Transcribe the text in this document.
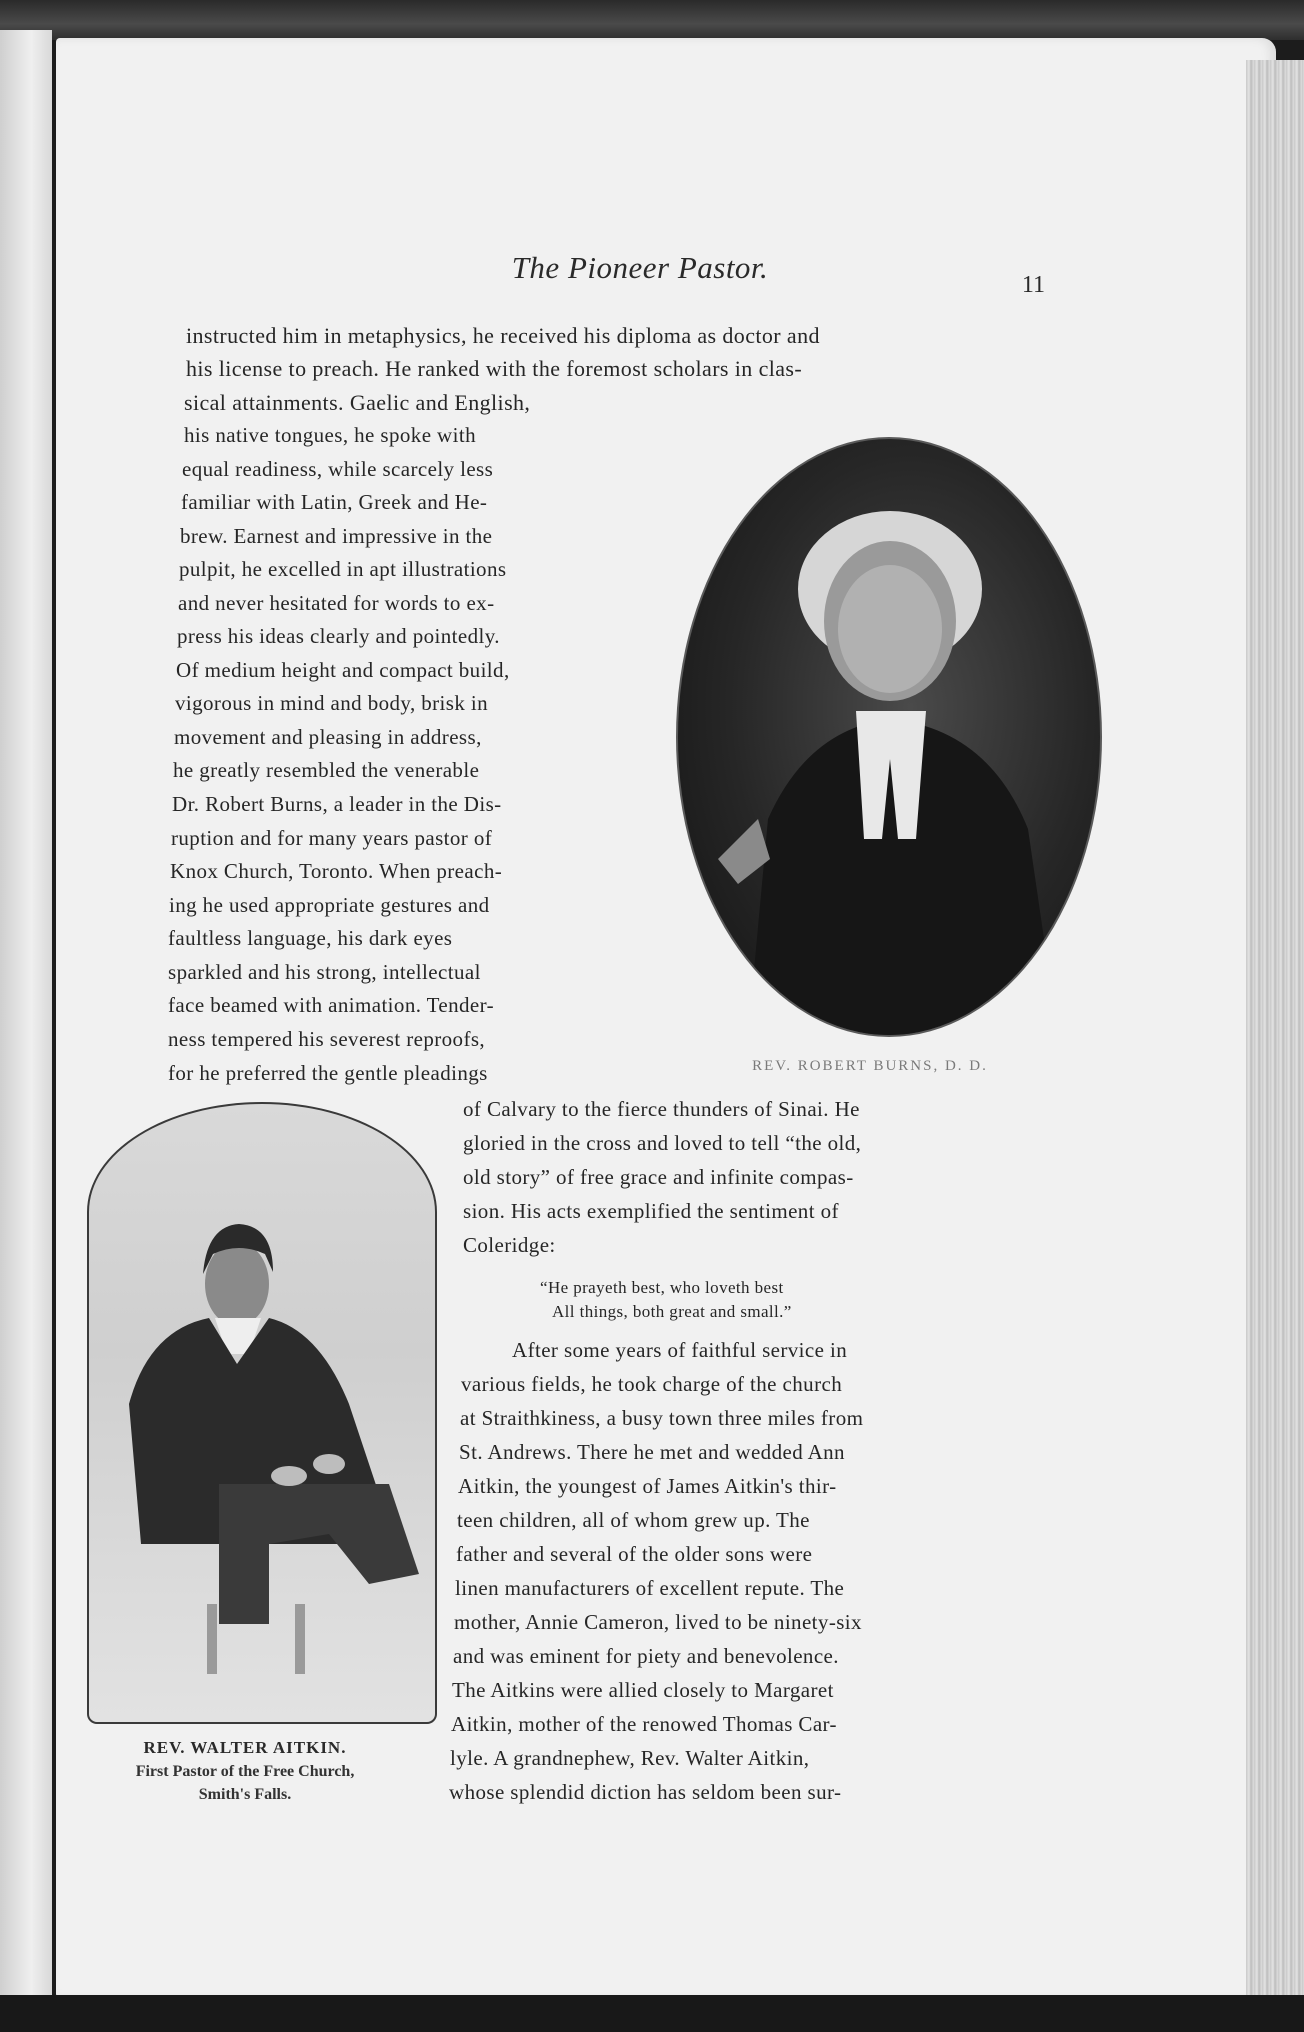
The Pioneer Pastor.	11
instructed him in metaphysics, he received his diploma as doctor and
his license to preach. He ranked with the foremost scholars in clas-
sical attainments. Gaelic and English,
his native tongues, he spoke with
equal readiness, while scarcely less
familiar with Latin, Greek and He-
brew. Earnest and impressive in the
pulpit, he excelled in apt illustrations
and never hesitated for words to ex-
press his ideas clearly and pointedly.
Of medium height and compact build,
vigorous in mind and body, brisk in
movement and pleasing in address,
he greatly resembled the venerable
Dr. Robert Burns, a leader in the Dis-
ruption and for many years pastor of
Knox Church, Toronto. When preach-
ing he used appropriate gestures and
faultless language, his dark eyes
sparkled and his strong, intellectual
face beamed with animation. Tender-
ness tempered his severest reproofs,
for he preferred the gentle pleadings	REV. ROBERT BURNS, D. D.
of Calvary to the fierce thunders of Sinai. He
gloried in the cross and loved to tell “the old,
old story” of free grace and infinite compas-
sion. His acts exemplified the sentiment of
Coleridge:
“He prayeth best, who loveth best
All things, both great and small.”
After some years of faithful service in
various fields, he took charge of the church
at Straithkiness, a busy town three miles from
St. Andrews. There he met and wedded Ann
Aitkin, the youngest of James Aitkin's thir-
teen children, all of whom grew up. The
father and several of the older sons were
linen manufacturers of excellent repute. The
mother, Annie Cameron, lived to be ninety-six
and was eminent for piety and benevolence.
The Aitkins were allied closely to Margaret
Aitkin, mother of the renowed Thomas Car-
lyle. A grandnephew, Rev. Walter Aitkin,
whose splendid diction has seldom been sur-
REV. WALTER AITKIN.
First Pastor of the Free Church,
Smith's Falls.
